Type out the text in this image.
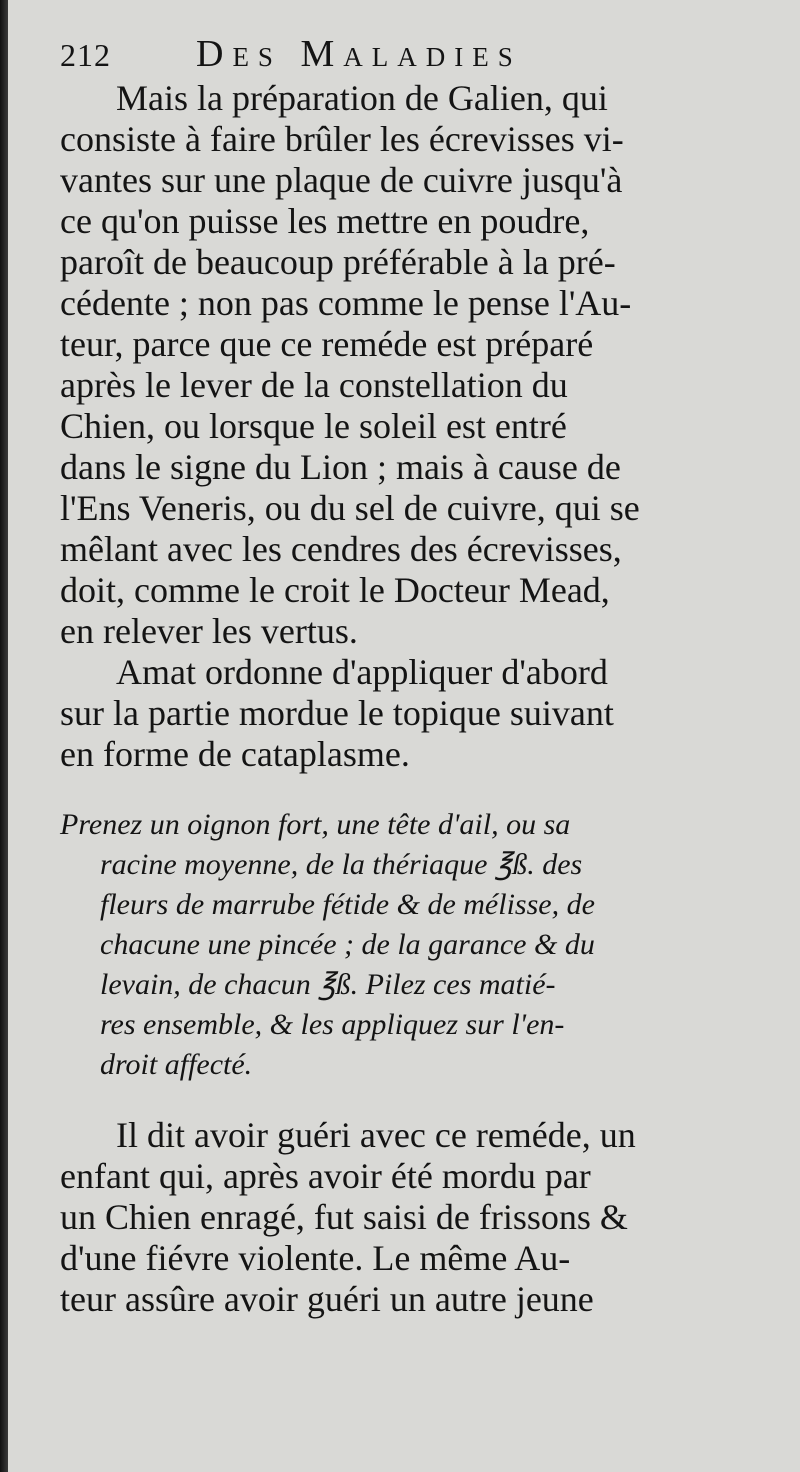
212	Des Maladies
Mais la préparation de Galien, qui
consiste à faire brûler les écrevisses vi-
vantes sur une plaque de cuivre jusqu'à
ce qu'on puisse les mettre en poudre,
paroît de beaucoup préférable à la pré-
cédente ; non pas comme le pense l'Au-
teur, parce que ce reméde est préparé
après le lever de la constellation du
Chien, ou lorsque le soleil est entré
dans le signe du Lion ; mais à cause de
l'Ens Veneris, ou du sel de cuivre, qui se
mêlant avec les cendres des écrevisses,
doit, comme le croit le Docteur Mead,
en relever les vertus.
Amat ordonne d'appliquer d'abord
sur la partie mordue le topique suivant
en forme de cataplasme.
Prenez un oignon fort, une tête d'ail, ou sa
racine moyenne, de la thériaque ℥ß. des
fleurs de marrube fétide & de mélisse, de
chacune une pincée ; de la garance & du
levain, de chacun ℥ß. Pilez ces matié-
res ensemble, & les appliquez sur l'en-
droit affecté.
Il dit avoir guéri avec ce reméde, un
enfant qui, après avoir été mordu par
un Chien enragé, fut saisi de frissons &
d'une fiévre violente. Le même Au-
teur assûre avoir guéri un autre jeune
